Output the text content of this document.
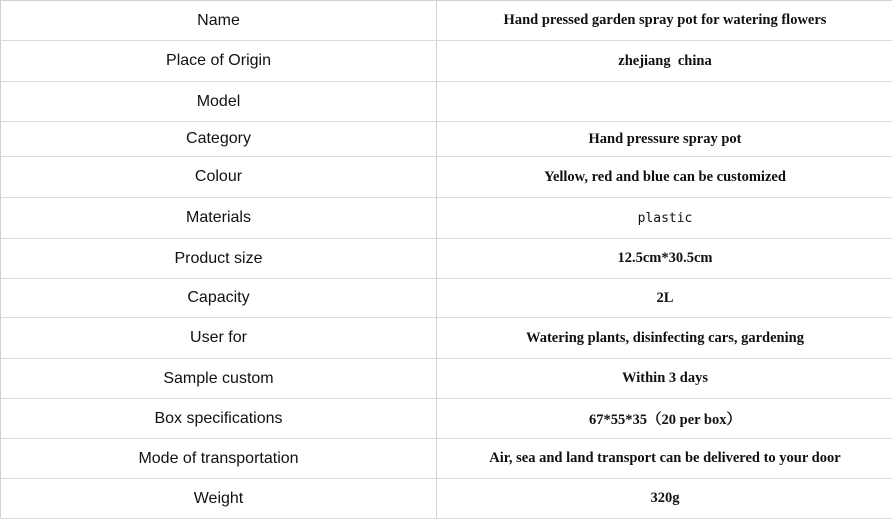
Name	Hand pressed garden spray pot for watering flowers
Place of Origin	zhejiang  china
Model	
Category	Hand pressure spray pot
Colour	Yellow, red and blue can be customized
Materials	plastic
Product size	12.5cm*30.5cm
Capacity	2L
User for	Watering plants, disinfecting cars, gardening
Sample custom	Within 3 days
Box specifications	67*55*35（20 per box）
Mode of transportation	Air, sea and land transport can be delivered to your door
Weight	320g
